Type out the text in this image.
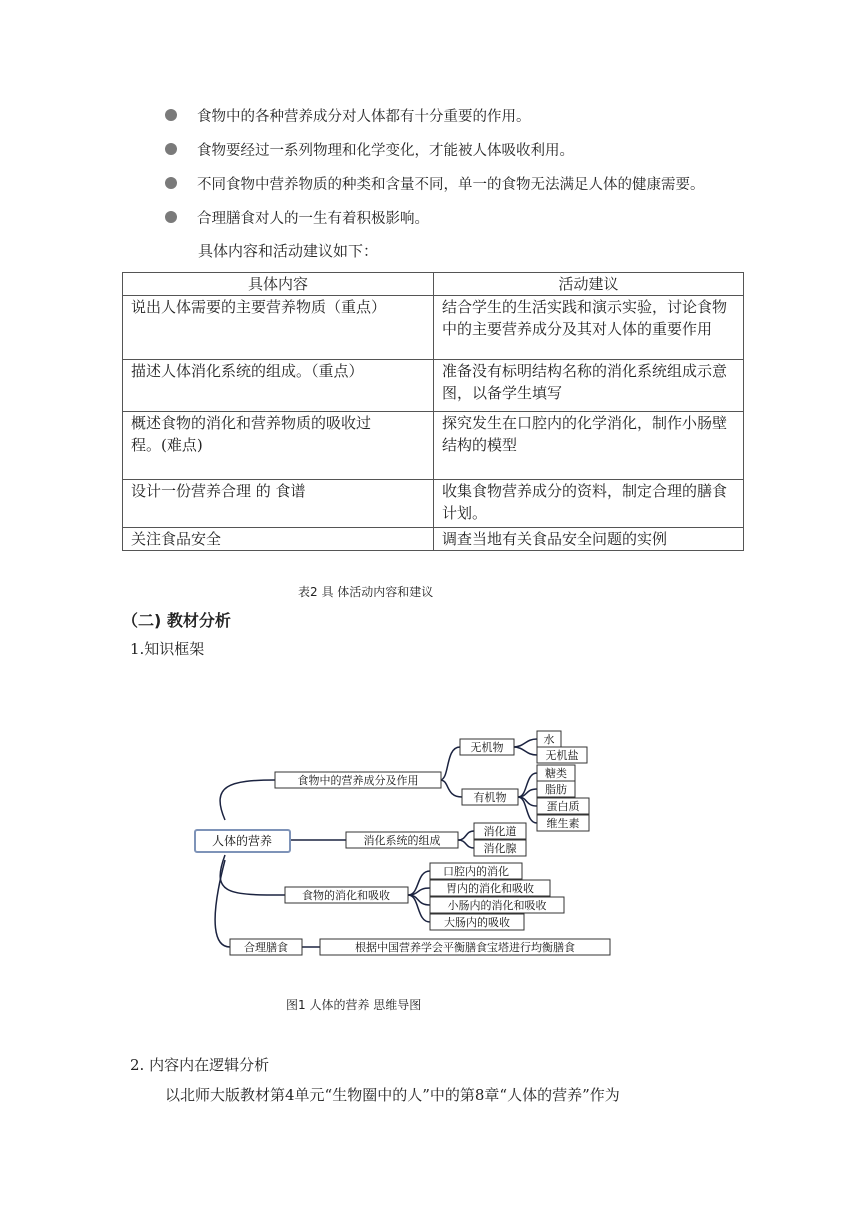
食物中的各种营养成分对人体都有十分重要的作用。
食物要经过一系列物理和化学变化，才能被人体吸收利用。
不同食物中营养物质的种类和含量不同，单一的食物无法满足人体的健康需要。
合理膳食对人的一生有着积极影响。
具体内容和活动建议如下：
具体内容	活动建议
说出人体需要的主要营养物质（重点）	结合学生的生活实践和演示实验，讨论食物中的主要营养成分及其对人体的重要作用
描述人体消化系统的组成。（重点）	准备没有标明结构名称的消化系统组成示意图，以备学生填写

概述食物的消化和营养物质的吸收过程。(难点)	探究发生在口腔内的化学消化，制作小肠壁结构的模型
设计一份营养合理 的 食谱	收集食物营养成分的资料，制定合理的膳食计划。
关注食品安全	调查当地有关食品安全问题的实例
表2 具 体活动内容和建议
（二) 教材分析
1.知识框架
人体的营养
食物中的营养成分及作用
无机物
水
无机盐
有机物
糖类
脂肪
蛋白质
维生素
消化系统的组成
消化道
消化腺
食物的消化和吸收
口腔内的消化
胃内的消化和吸收
小肠内的消化和吸收
大肠内的吸收
合理膳食	根据中国营养学会平衡膳食宝塔进行均衡膳食
图1 人体的营养 思维导图
2. 内容内在逻辑分析
以北师大版教材第4单元“生物圈中的人”中的第8章“人体的营养”作为
